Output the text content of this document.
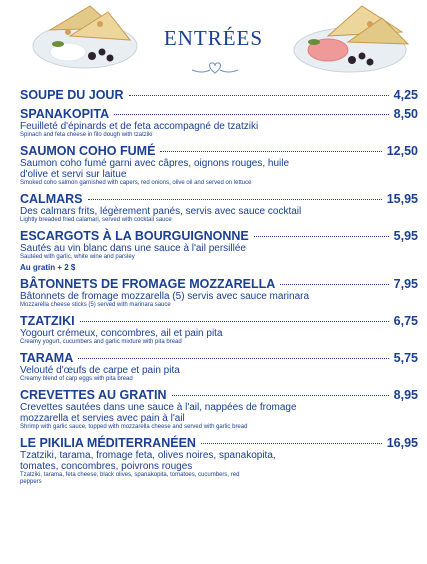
ENTRÉES
SOUPE DU JOUR	4,25
SPANAKOPITA	8,50
Feuilleté d'épinards et de feta accompagné de tzatziki
Spinach and feta cheese in filo dough with tzatziki
SAUMON COHO FUMÉ	12,50
Saumon coho fumé garni avec câpres, oignons rouges, huile d'olive et servi sur laitue
Smoked coho salmon garnished with capers, red onions, olive oil and served on lettuce
CALMARS	15,95
Des calmars frits, légèrement panés, servis avec sauce cocktail
Lightly breaded fried calamari, served with cocktail sauce
ESCARGOTS À LA BOURGUIGNONNE	5,95
Sautés au vin blanc dans une sauce à l'ail persillée
Sautéed with garlic, white wine and parsley
Au gratin + 2 $
BÂTONNETS DE FROMAGE MOZZARELLA	7,95
Bâtonnets de fromage mozzarella (5) servis avec sauce marinara
Mozzarella cheese sticks (5) served with marinara sauce
TZATZIKI	6,75
Yogourt crémeux, concombres, ail et pain pita
Creamy yogurt, cucumbers and garlic mixture with pita bread
TARAMA	5,75
Velouté d'œufs de carpe et pain pita
Creamy blend of carp eggs with pita bread
CREVETTES AU GRATIN	8,95
Crevettes sautées dans une sauce à l'ail, nappées de fromage mozzarella et servies avec pain à l'ail
Shrimp with garlic sauce, topped with mozzarella cheese and served with garlic bread
LE PIKILIA MÉDITERRANÉEN	16,95
Tzatziki, tarama, fromage feta, olives noires, spanakopita, tomates, concombres, poivrons rouges
Tzatziki, tarama, feta cheese, black olives, spanakopita, tomatoes, cucumbers, red peppers
